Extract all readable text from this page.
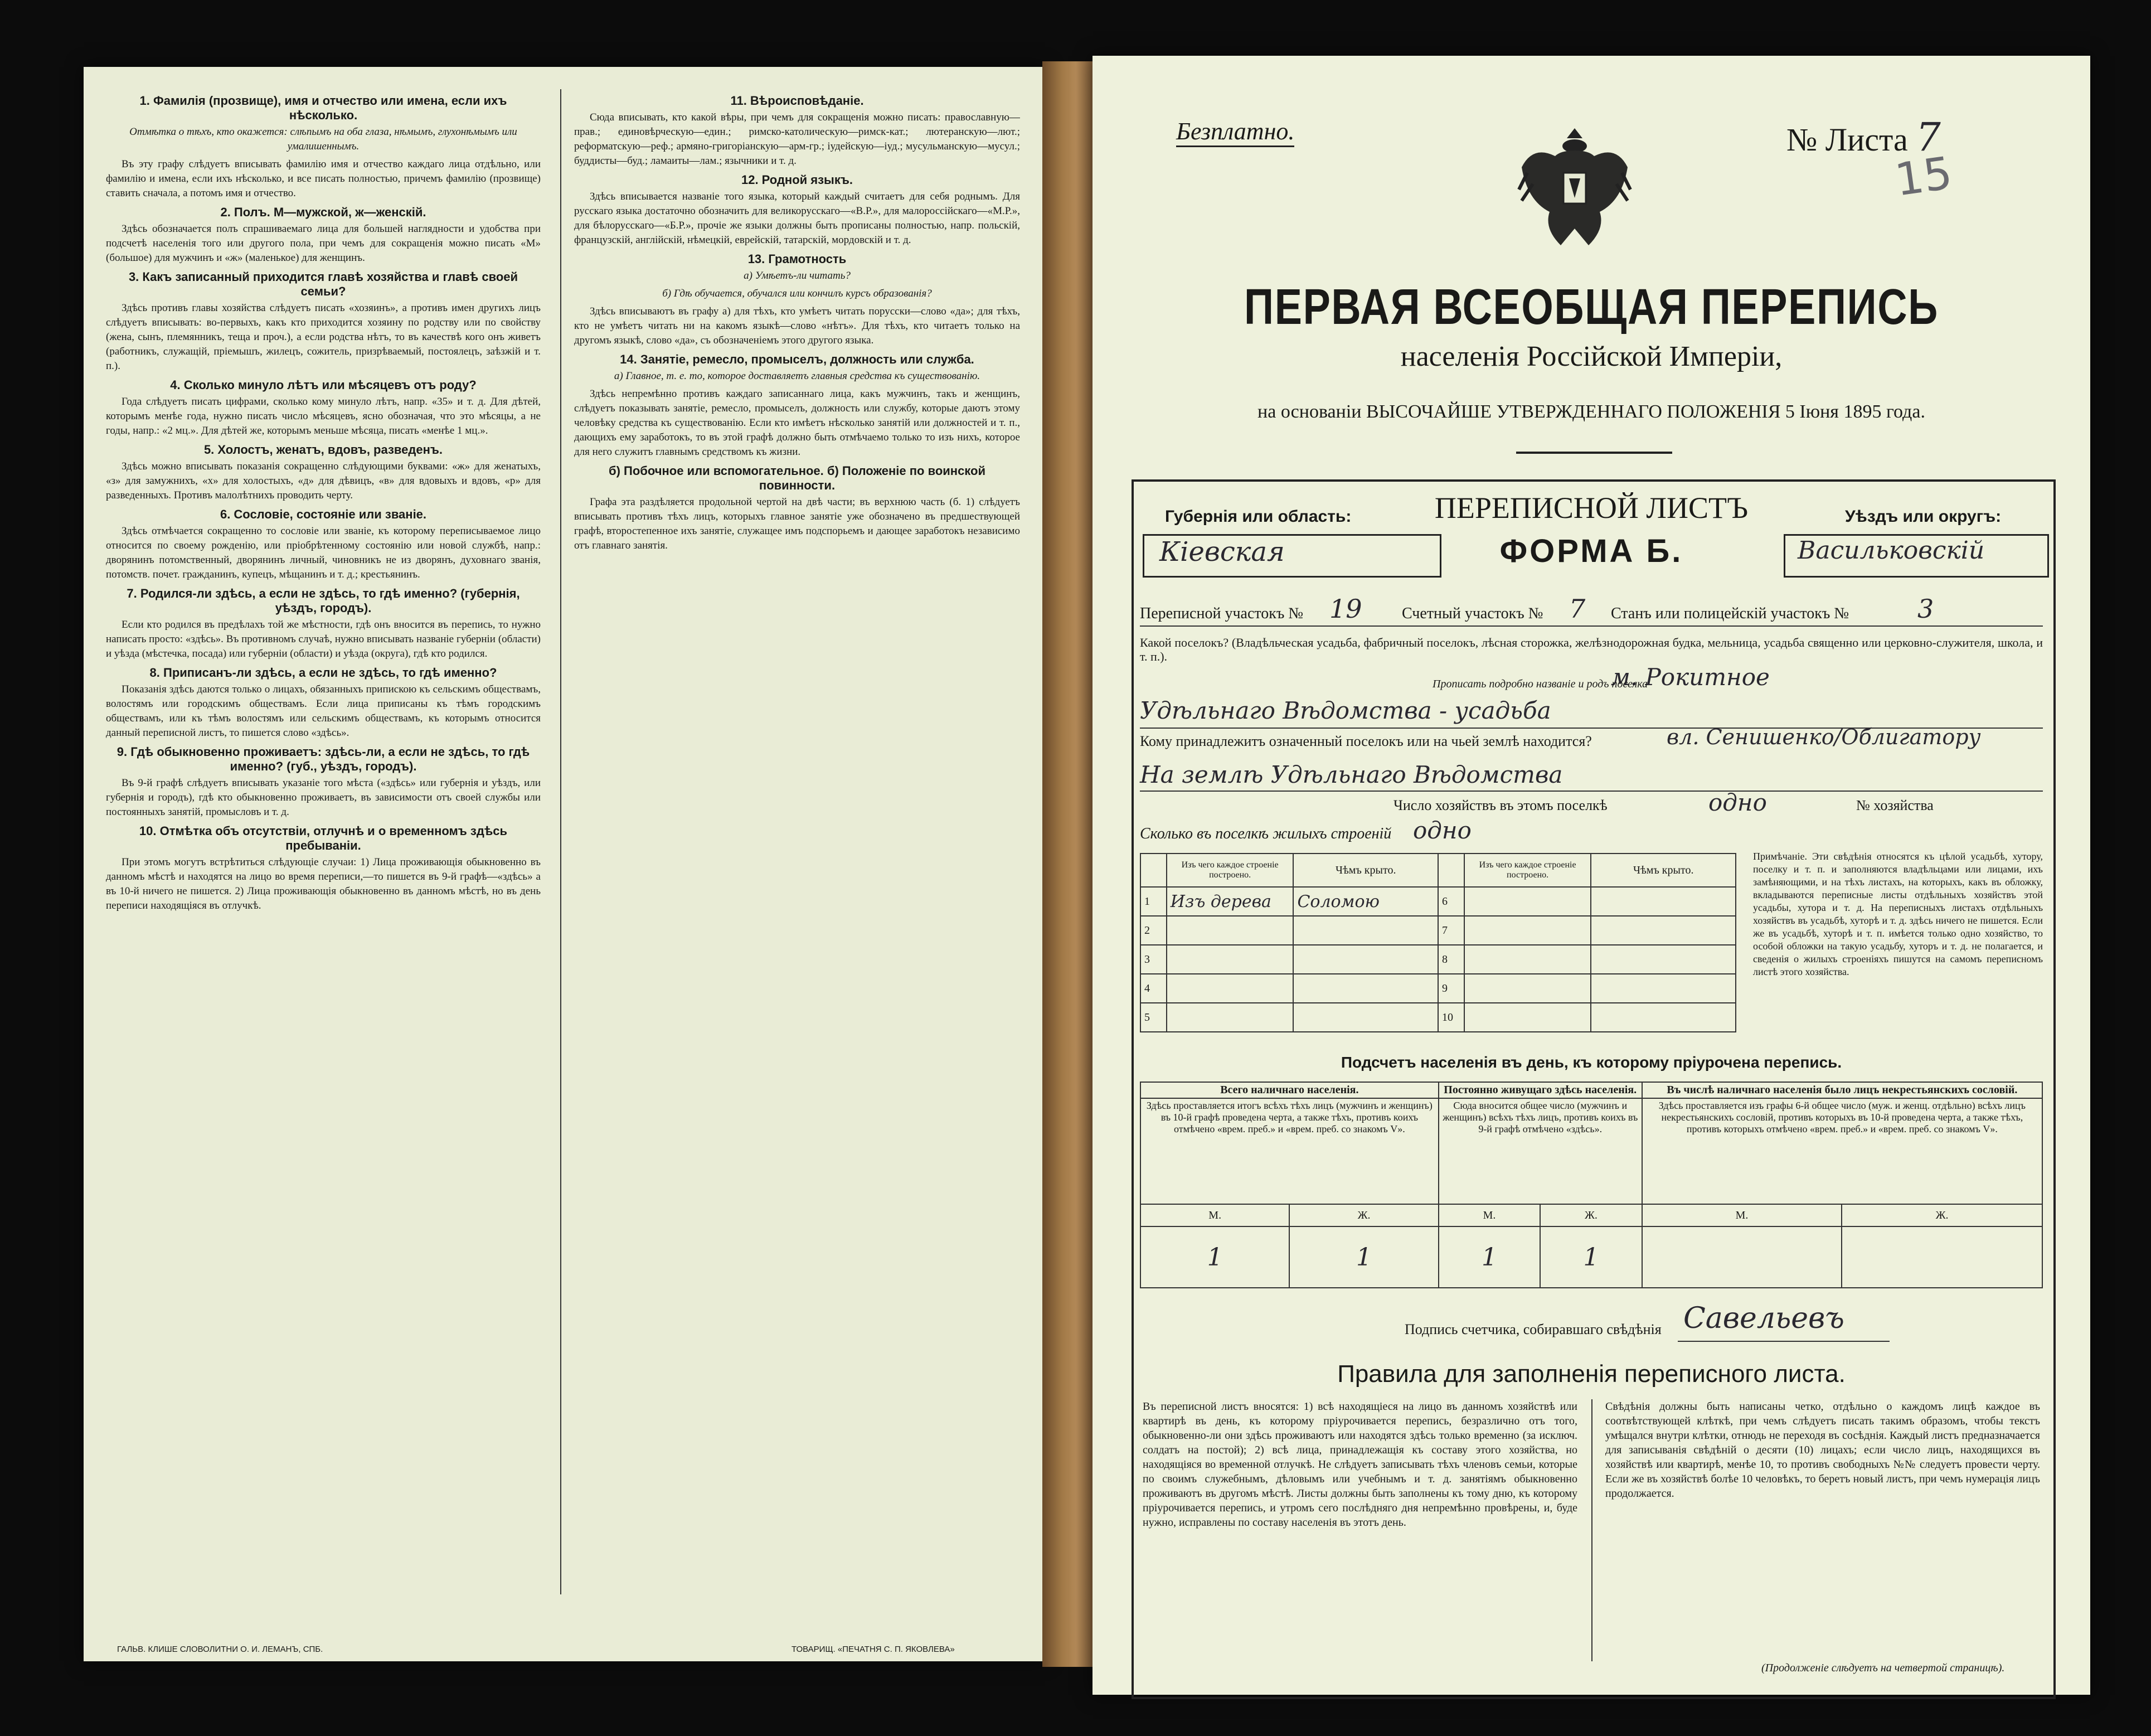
1. Фамилія (прозвище), имя и отчество или имена, если ихъ нѣсколько.

Отмѣтка о тѣхъ, кто окажется: слѣпымъ на оба глаза, нѣмымъ, глухонѣмымъ или умалишеннымъ.

Въ эту графу слѣдуетъ вписывать фамилію имя и отчество каждаго лица отдѣльно, или фамилію и имена, если ихъ нѣсколько, и все писать полностью, причемъ фамилію (прозвище) ставить сначала, а потомъ имя и отчество.

2. Полъ. М—мужской, ж—женскій.

Здѣсь обозначается полъ спрашиваемаго лица для большей наглядности и удобства при подсчетѣ населенія того или другого пола, при чемъ для сокращенія можно писать «М» (большое) для мужчинъ и «ж» (маленькое) для женщинъ.

3. Какъ записанный приходится главѣ хозяйства и главѣ своей семьи?

Здѣсь противъ главы хозяйства слѣдуетъ писать «хозяинъ», а противъ имен другихъ лицъ слѣдуетъ вписывать: во-первыхъ, какъ кто приходится хозяину по родству или по свойству (жена, сынъ, племянникъ, теща и проч.), а если родства нѣтъ, то въ качествѣ кого онъ живетъ (работникъ, служащій, пріемышъ, жилецъ, сожитель, призрѣваемый, постоялецъ, заѣзжій и т. п.).

4. Сколько минуло лѣтъ или мѣсяцевъ отъ роду?

Года слѣдуетъ писать цифрами, сколько кому минуло лѣтъ, напр. «35» и т. д. Для дѣтей, которымъ менѣе года, нужно писать число мѣсяцевъ, ясно обозначая, что это мѣсяцы, а не годы, напр.: «2 мц.». Для дѣтей же, которымъ меньше мѣсяца, писать «менѣе 1 мц.».

5. Холостъ, женатъ, вдовъ, разведенъ.

Здѣсь можно вписывать показанія сокращенно слѣдующими буквами: «ж» для женатыхъ, «з» для замужнихъ, «х» для холостыхъ, «д» для дѣвицъ, «в» для вдовыхъ и вдовъ, «р» для разведенныхъ. Противъ малолѣтнихъ проводить черту.

6. Сословіе, состояніе или званіе.

Здѣсь отмѣчается сокращенно то сословіе или званіе, къ которому переписываемое лицо относится по своему рожденію, или пріобрѣтенному состоянію или новой службѣ, напр.: дворянинъ потомственный, дворянинъ личный, чиновникъ не из дворянъ, духовнаго званія, потомств. почет. гражданинъ, купецъ, мѣщанинъ и т. д.; крестьянинъ.

7. Родился-ли здѣсь, а если не здѣсь, то гдѣ именно? (губернія, уѣздъ, городъ).

Если кто родился въ предѣлахъ той же мѣстности, гдѣ онъ вносится въ перепись, то нужно написать просто: «здѣсь». Въ противномъ случаѣ, нужно вписывать названіе губерніи (области) и уѣзда (мѣстечка, посада) или губерніи (области) и уѣзда (округа), гдѣ кто родился.

8. Приписанъ-ли здѣсь, а если не здѣсь, то гдѣ именно?

Показанія здѣсь даются только о лицахъ, обязанныхъ припискою къ сельскимъ обществамъ, волостямъ или городскимъ обществамъ. Если лица приписаны къ тѣмъ городскимъ обществамъ, или къ тѣмъ волостямъ или сельскимъ обществамъ, къ которымъ относится данный переписной листъ, то пишется слово «здѣсь».

9. Гдѣ обыкновенно проживаетъ: здѣсь-ли, а если не здѣсь, то гдѣ именно? (губ., уѣздъ, городъ).

Въ 9-й графѣ слѣдуетъ вписывать указаніе того мѣста («здѣсь» или губернія и уѣздъ, или губернія и городъ), гдѣ кто обыкновенно проживаетъ, въ зависимости отъ своей службы или постоянныхъ занятій, промысловъ и т. д.

10. Отмѣтка объ отсутствіи, отлучнѣ и о временномъ здѣсь пребываніи.

При этомъ могутъ встрѣтиться слѣдующіе случаи: 1) Лица проживающія обыкновенно въ данномъ мѣстѣ и находятся на лицо во время переписи,—то пишется въ 9-й графѣ—«здѣсь» а въ 10-й ничего не пишется. 2) Лица проживающія обыкновенно въ данномъ мѣстѣ, но въ день переписи находящіяся въ отлучкѣ.

11. Вѣроисповѣданіе.

Сюда вписывать, кто какой вѣры, при чемъ для сокращенія можно писать: православную—прав.; единовѣрческую—един.; римско-католическую—римск-кат.; лютеранскую—лют.; реформатскую—реф.; армяно-григоріанскую—арм-гр.; іудейскую—іуд.; мусульманскую—мусул.; буддисты—буд.; ламаиты—лам.; язычники и т. д.

12. Родной языкъ.

Здѣсь вписывается названіе того языка, который каждый считаетъ для себя роднымъ. Для русскаго языка достаточно обозначить для великорусскаго—«В.Р.», для малороссійскаго—«М.Р.», для бѣлорусскаго—«Б.Р.», прочіе же языки должны быть прописаны полностью, напр. польскій, французскій, англійскій, нѣмецкій, еврейскій, татарскій, мордовскій и т. д.

13. Грамотность

а) Умѣетъ-ли читать?

б) Гдѣ обучается, обучался или кончилъ курсъ образованія?

Здѣсь вписываютъ въ графу а) для тѣхъ, кто умѣетъ читать порусски—слово «да»; для тѣхъ, кто не умѣетъ читать ни на какомъ языкѣ—слово «нѣтъ». Для тѣхъ, кто читаетъ только на другомъ языкѣ, слово «да», съ обозначеніемъ этого другого языка.

14. Занятіе, ремесло, промыселъ, должность или служба.

а) Главное, т. е. то, которое доставляетъ главныя средства къ существованію.

Здѣсь непремѣнно противъ каждаго записаннаго лица, какъ мужчинъ, такъ и женщинъ, слѣдуетъ показывать занятіе, ремесло, промыселъ, должность или службу, которые даютъ этому человѣку средства къ существованію. Если кто имѣетъ нѣсколько занятій или должностей и т. п., дающихъ ему заработокъ, то въ этой графѣ должно быть отмѣчаемо только то изъ нихъ, которое для него служитъ главнымъ средствомъ къ жизни.

б) Побочное или вспомогательное. б) Положеніе по воинской повинности.

Графа эта раздѣляется продольной чертой на двѣ части; въ верхнюю часть (б. 1) слѣдуетъ вписывать противъ тѣхъ лицъ, которыхъ главное занятіе уже обозначено въ предшествующей графѣ, второстепенное ихъ занятіе, служащее имъ подспорьемъ и дающее заработокъ независимо отъ главнаго занятія.

ГАЛЬВ. КЛИШЕ СЛОВОЛИТНИ О. И. ЛЕМАНЪ, СПБ.	ТОВАРИЩ. «ПЕЧАТНЯ С. П. ЯКОВЛЕВА»
Безплатно.	№ Листа 7
15
ПЕРВАЯ ВСЕОБЩАЯ ПЕРЕПИСЬ
населенія Россійской Имперіи,
на основаніи ВЫСОЧАЙШЕ УТВЕРЖДЕННАГО ПОЛОЖЕНІЯ 5 Іюня 1895 года.
Губернія или область:
Кіевская
ПЕРЕПИСНОЙ ЛИСТЪ
ФОРМА Б.
Уѣздъ или округъ:
Васильковскій
Переписной участокъ № 19	Счетный участокъ № 7 Станъ или полицейскій участокъ №	3
Какой поселокъ? (Владѣльческая усадьба, фабричный поселокъ, лѣсная сторожка, желѣзнодорожная будка, мельница, усадьба священно или церковно-служителя, школа, и т. п.).
м. Рокитное
Прописать подробно названіе и родъ поселка
Удѣльнаго Вѣдомства - усадьба
Кому принадлежитъ означенный поселокъ или на чьей землѣ находится?	вл. Сенишенко/Облигатору
На землѣ Удѣльнаго Вѣдомства
Число хозяйствъ въ этомъ поселкѣ	одно	№ хозяйства
Сколько въ поселкѣ жилыхъ строеній одно
	Изъ чего каждое строеніе построено.	Чѣмъ крыто.		Изъ чего каждое строеніе построено.	Чѣмъ крыто.
1	Изъ дерева	Соломою	6		
2			7		
3			8		
4			9		
5			10		
Примѣчаніе. Эти свѣдѣнія относятся къ цѣлой усадьбѣ, хутору, поселку и т. п. и заполняются владѣльцами или лицами, ихъ замѣняющими, и на тѣхъ листахъ, на которыхъ, какъ въ обложку, вкладываются переписные листы отдѣльныхъ хозяйствъ этой усадьбы, хутора и т. д. На переписныхъ листахъ отдѣльныхъ хозяйствъ въ усадьбѣ, хуторѣ и т. д. здѣсь ничего не пишется. Если же въ усадьбѣ, хуторѣ и т. п. имѣется только одно хозяйство, то особой обложки на такую усадьбу, хуторъ и т. д. не полагается, и сведенія о жилыхъ строеніяхъ пишутся на самомъ переписномъ листѣ этого хозяйства.
Подсчетъ населенія въ день, къ которому пріурочена перепись.
Всего наличнаго населенія.		Постоянно живущаго здѣсь населенія.		Въ числѣ наличнаго населенія было лицъ некрестьянскихъ сословій.	
Здѣсь проставляется итогъ всѣхъ тѣхъ лицъ (мужчинъ и женщинъ) въ 10-й графѣ проведена черта, а также тѣхъ, противъ коихъ отмѣчено «врем. преб.» и «врем. преб. со знакомъ V».		Сюда вносится общее число (мужчинъ и женщинъ) всѣхъ тѣхъ лицъ, противъ коихъ въ 9-й графѣ отмѣчено «здѣсь».		Здѣсь проставляется изъ графы 6-й общее число (муж. и женщ. отдѣльно) всѣхъ лицъ некрестьянскихъ сословій, противъ которыхъ въ 10-й проведена черта, а также тѣхъ, противъ которыхъ отмѣчено «врем. преб.» и «врем. преб. со знакомъ V».	
М.	Ж.	М.	Ж.	М.	Ж.
1	1	1	1		
Подпись счетчика, собиравшаго свѣдѣнія Савельевъ
Правила для заполненія переписного листа.
Въ переписной листъ вносятся: 1) всѣ находящіеся на лицо въ данномъ хозяйствѣ или квартирѣ въ день, къ которому пріурочивается перепись, безразлично отъ того, обыкновенно-ли они здѣсь проживаютъ или находятся здѣсь только временно (за исключ. солдатъ на постой); 2) всѣ лица, принадлежащія къ составу этого хозяйства, но находящіяся во временной отлучкѣ. Не слѣдуетъ записывать тѣхъ членовъ семьи, которые по своимъ служебнымъ, дѣловымъ или учебнымъ и т. д. занятіямъ обыкновенно проживаютъ въ другомъ мѣстѣ. Листы должны быть заполнены къ тому дню, къ которому пріурочивается перепись, и утромъ сего послѣдняго дня непремѣнно провѣрены, и, буде нужно, исправлены по составу населенія въ этотъ день.
Свѣдѣнія должны быть написаны четко, отдѣльно о каждомъ лицѣ каждое въ соотвѣтствующей клѣткѣ, при чемъ слѣдуетъ писать такимъ образомъ, чтобы текстъ умѣщался внутри клѣтки, отнюдь не переходя въ сосѣднія. Каждый листъ предназначается для записыванія свѣдѣній о десяти (10) лицахъ; если число лицъ, находящихся въ хозяйствѣ или квартирѣ, менѣе 10, то противъ свободныхъ №№ следуетъ провести черту. Если же въ хозяйствѣ болѣе 10 человѣкъ, то беретъ новый листъ, при чемъ нумерація лицъ продолжается.
(Продолженіе слѣдуетъ на четвертой страницѣ).
